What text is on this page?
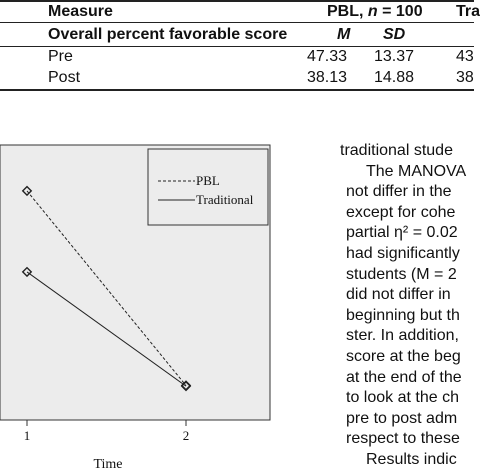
Measure	PBL, n = 100 Tra
Overall percent favorable score	M SD
Pre	47.33 13.37	43
Post	38.13 14.88	38
PBL
Traditional
1	2
Time
traditional stude
The MANOVA
not differ in the
except for cohe
partial η² = 0.02
had significantly
students (M = 2
did not differ in
beginning but th
ster. In addition,
score at the beg
at the end of the
to look at the ch
pre to post adm
respect to these
Results indic
